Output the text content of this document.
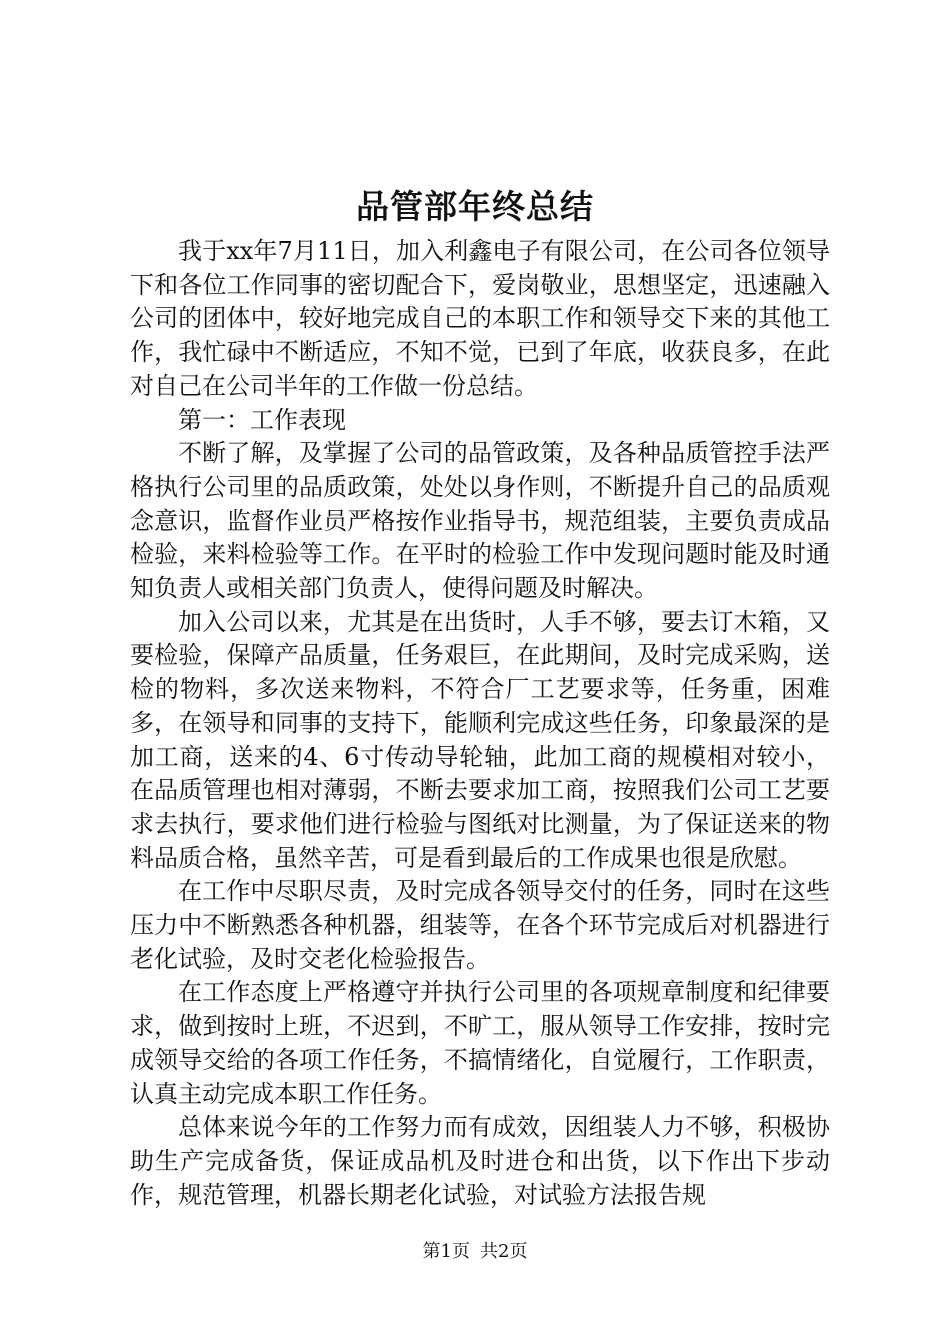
品管部年终总结

我于xx年7月11日，加入利鑫电子有限公司，在公司各位领导下和各位工作同事的密切配合下，爱岗敬业，思想坚定，迅速融入公司的团体中，较好地完成自己的本职工作和领导交下来的其他工作，我忙碌中不断适应，不知不觉，已到了年底，收获良多，在此对自己在公司半年的工作做一份总结。

第一：工作表现

不断了解，及掌握了公司的品管政策，及各种品质管控手法严格执行公司里的品质政策，处处以身作则，不断提升自己的品质观念意识，监督作业员严格按作业指导书，规范组装，主要负责成品检验，来料检验等工作。在平时的检验工作中发现问题时能及时通知负责人或相关部门负责人，使得问题及时解决。

加入公司以来，尤其是在出货时，人手不够，要去订木箱，又要检验，保障产品质量，任务艰巨，在此期间，及时完成采购，送检的物料，多次送来物料，不符合厂工艺要求等，任务重，困难多，在领导和同事的支持下，能顺利完成这些任务，印象最深的是加工商，送来的4、6寸传动导轮轴，此加工商的规模相对较小，在品质管理也相对薄弱，不断去要求加工商，按照我们公司工艺要求去执行，要求他们进行检验与图纸对比测量，为了保证送来的物料品质合格，虽然辛苦，可是看到最后的工作成果也很是欣慰。

在工作中尽职尽责，及时完成各领导交付的任务，同时在这些压力中不断熟悉各种机器，组装等，在各个环节完成后对机器进行老化试验，及时交老化检验报告。

在工作态度上严格遵守并执行公司里的各项规章制度和纪律要求，做到按时上班，不迟到，不旷工，服从领导工作安排，按时完成领导交给的各项工作任务，不搞情绪化，自觉履行，工作职责，认真主动完成本职工作任务。

总体来说今年的工作努力而有成效，因组装人力不够，积极协助生产完成备货，保证成品机及时进仓和出货，以下作出下步动作，规范管理，机器长期老化试验，对试验方法报告规

第1页 共2页
